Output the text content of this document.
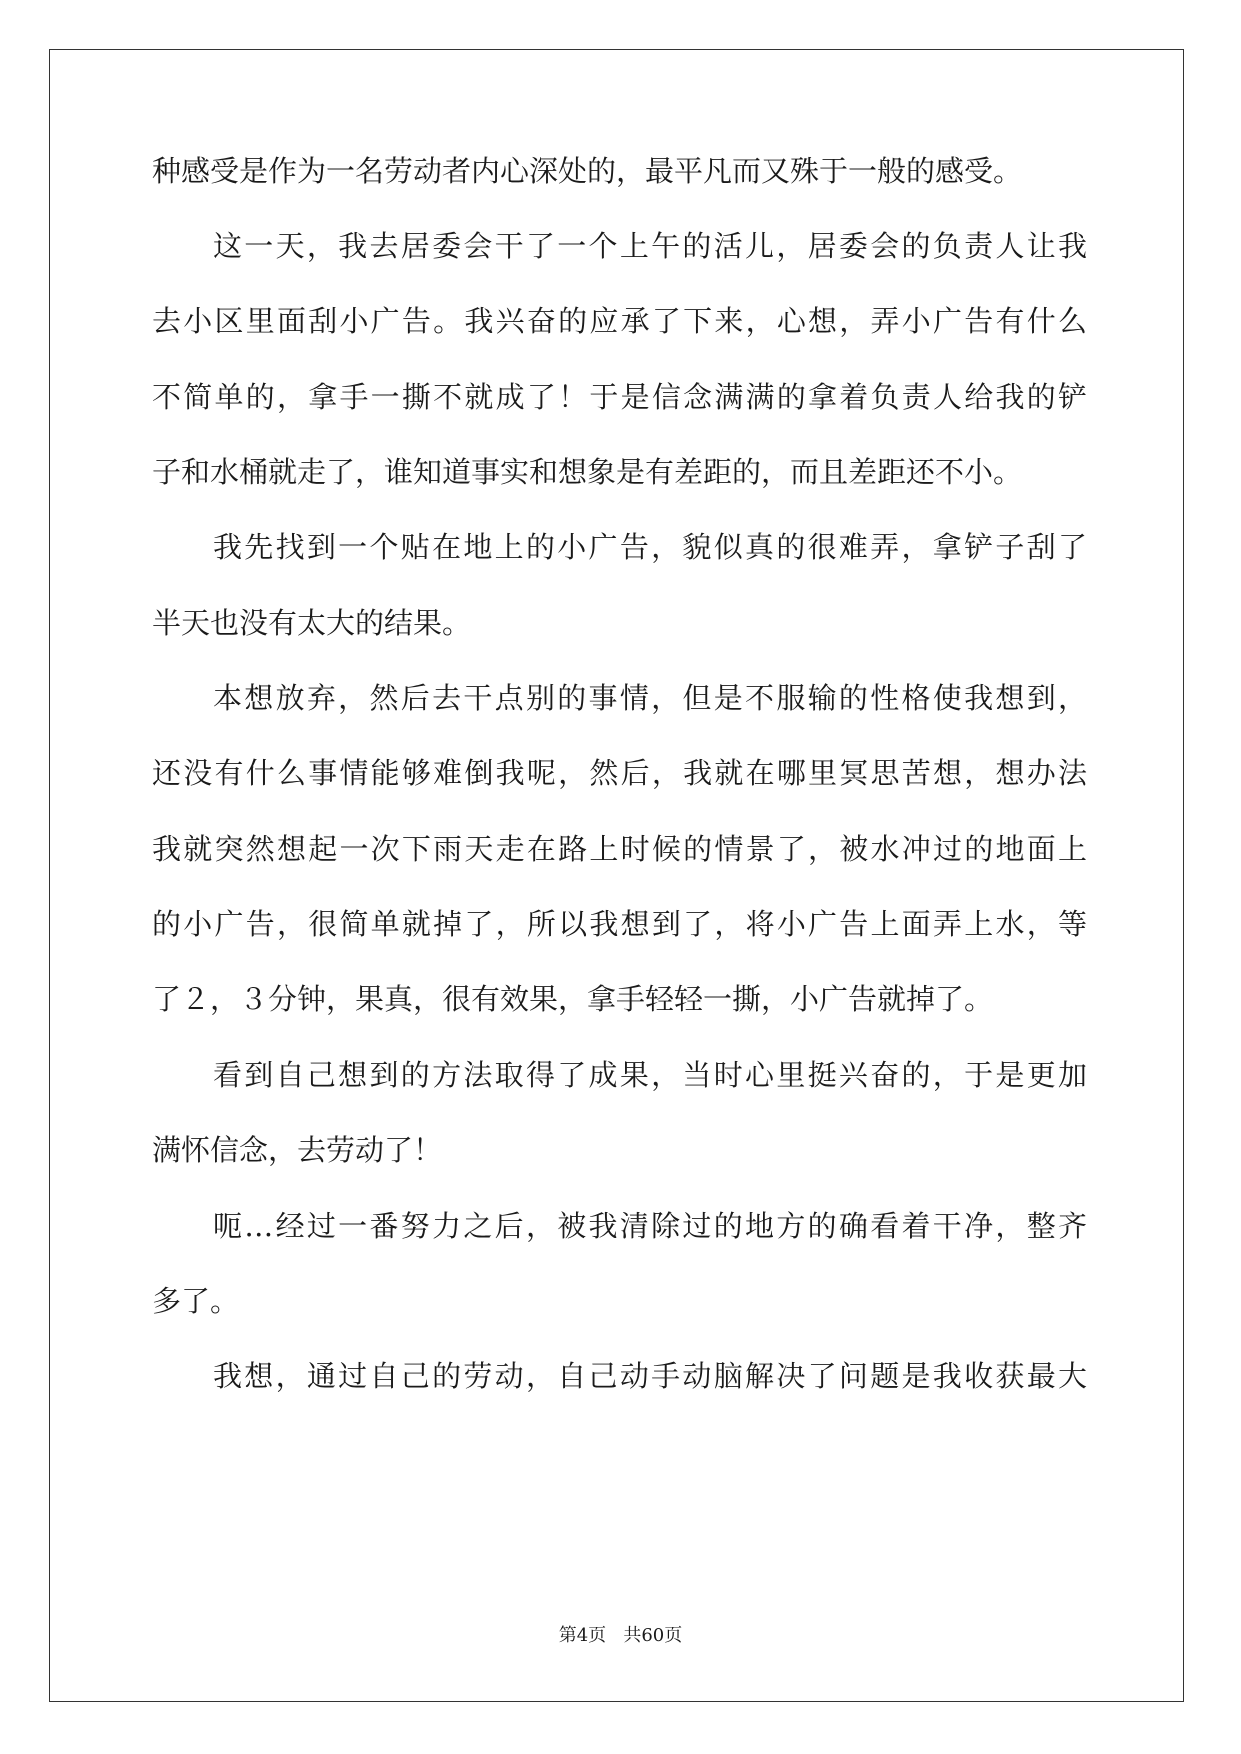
种感受是作为一名劳动者内心深处的，最平凡而又殊于一般的感受。
这一天，我去居委会干了一个上午的活儿，居委会的负责人让我
去小区里面刮小广告。我兴奋的应承了下来，心想，弄小广告有什么
不简单的，拿手一撕不就成了！于是信念满满的拿着负责人给我的铲
子和水桶就走了，谁知道事实和想象是有差距的，而且差距还不小。
我先找到一个贴在地上的小广告，貌似真的很难弄，拿铲子刮了
半天也没有太大的结果。
本想放弃，然后去干点别的事情，但是不服输的性格使我想到，
还没有什么事情能够难倒我呢，然后，我就在哪里冥思苦想，想办法
我就突然想起一次下雨天走在路上时候的情景了，被水冲过的地面上
的小广告，很简单就掉了，所以我想到了，将小广告上面弄上水，等
了２，３分钟，果真，很有效果，拿手轻轻一撕，小广告就掉了。
看到自己想到的方法取得了成果，当时心里挺兴奋的，于是更加
满怀信念，去劳动了！
呃…经过一番努力之后，被我清除过的地方的确看着干净，整齐
多了。
我想，通过自己的劳动，自己动手动脑解决了问题是我收获最大
第4页   共60页
